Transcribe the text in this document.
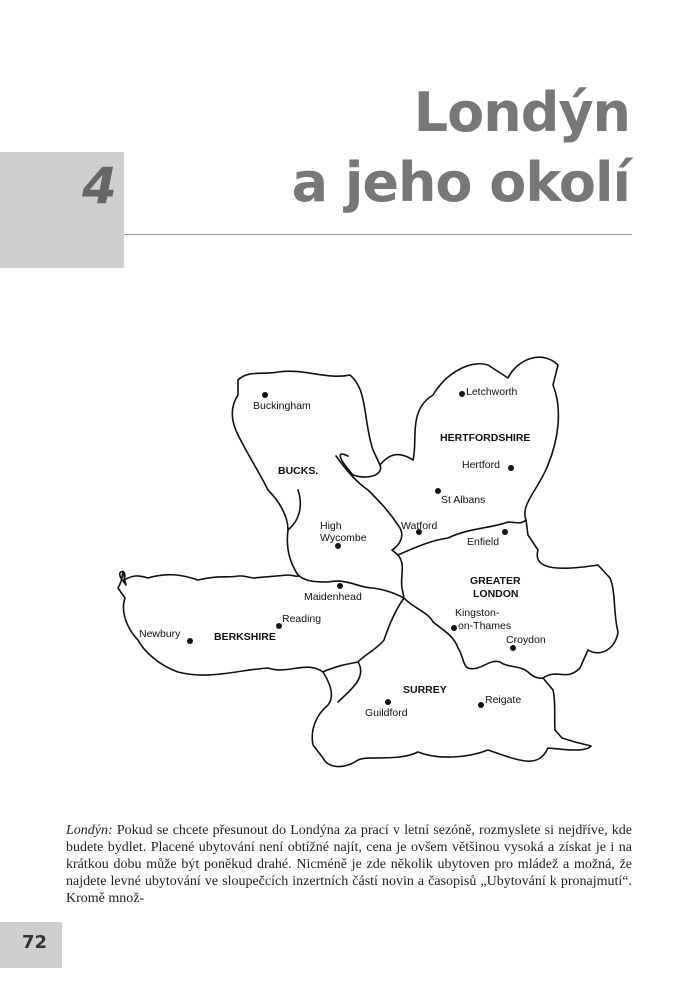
4
Londýn
a jeho okolí
Buckingham
Letchworth
HERTFORDSHIRE
Hertford
BUCKS.
St Albans
High
Wycombe
Watford
Enfield
GREATER
LONDON
Maidenhead
Reading	Kingston-
on-Thames
Newbury	BERKSHIRE	Croydon
SURREY
Reigate
Guildford
Londýn: Pokud se chcete přesunout do Londýna za prací v letní sezóně, rozmyslete si nejdříve, kde budete bydlet. Placené ubytování není obtížné najít, cena je ovšem většinou vysoká a získat je i na krátkou dobu může být poněkud drahé. Nicméně je zde několik ubytoven pro mládež a možná, že najdete levné ubytování ve sloupečcích inzertních částí novin a časopisů „Ubytování k pronajmutí“. Kromě množ-
72
